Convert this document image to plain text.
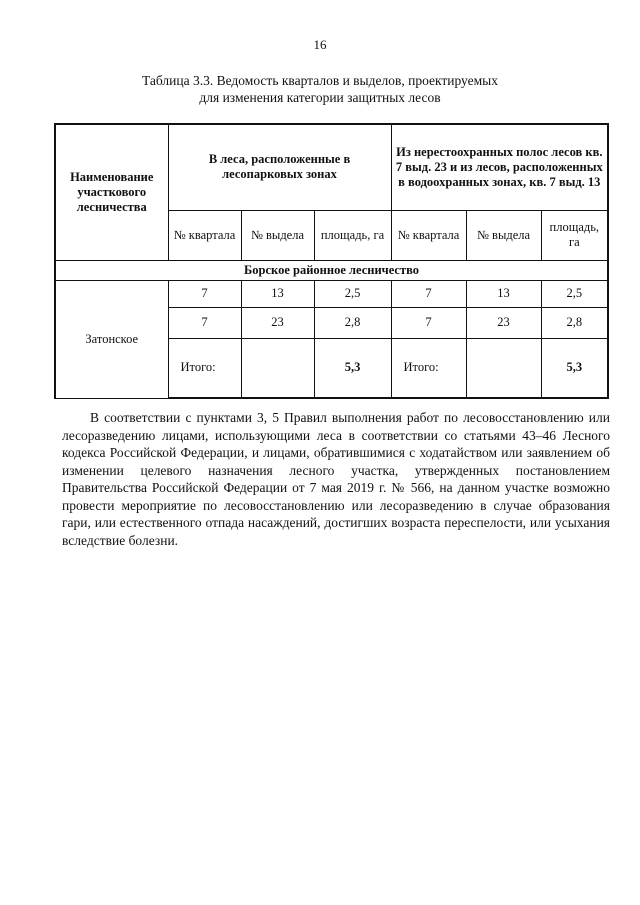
16
Таблица 3.3. Ведомость кварталов и выделов, проектируемых
для изменения категории защитных лесов
Наименование участкового лесничества	В леса, расположенные в лесопарковых зонах			Из нерестоохранных полос лесов кв. 7 выд. 23 и из лесов, расположенных в водоохранных зонах, кв. 7 выд. 13		
	№ квартала	№ выдела	площадь, га	№ квартала	№ выдела	площадь, га
Борское районное лесничество						
Затонское	7	13	2,5	7	13	2,5
	7	23	2,8	7	23	2,8
	Итого:		5,3	Итого:		5,3

В соответствии с пунктами 3, 5 Правил выполнения работ по лесовосстановлению или лесоразведению лицами, использующими леса в соответствии со статьями 43–46 Лесного кодекса Российской Федерации, и лицами, обратившимися с ходатайством или заявлением об изменении целевого назначения лесного участка, утвержденных постановлением Правительства Российской Федерации от 7 мая 2019 г. № 566, на данном участке возможно провести мероприятие по лесовосстановлению или лесоразведению в случае образования гари, или естественного отпада насаждений, достигших возраста переспелости, или усыхания вследствие болезни.
